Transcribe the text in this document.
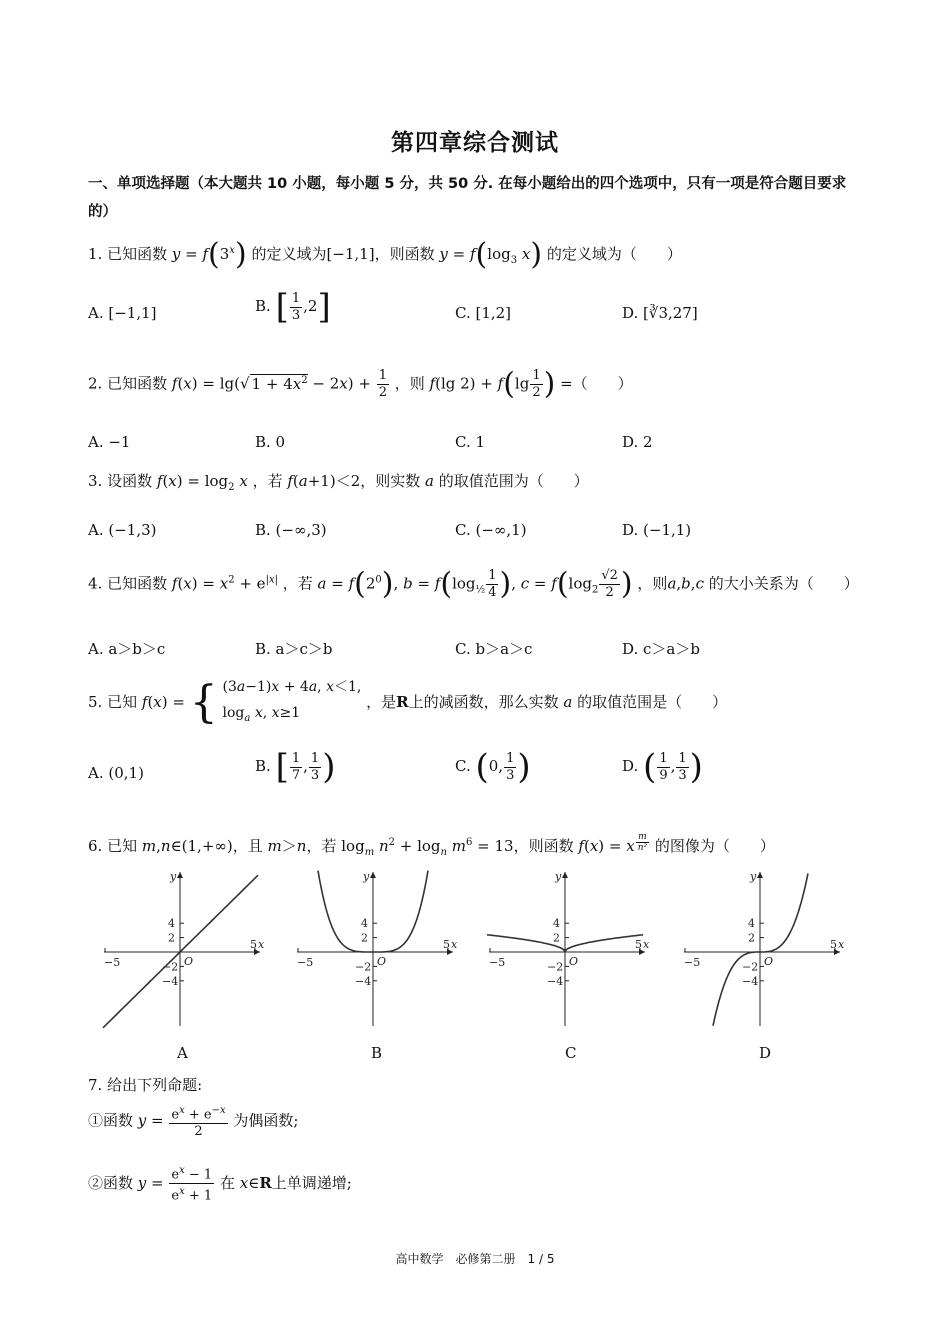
第四章综合测试
一、单项选择题（本大题共 10 小题，每小题 5 分，共 50 分. 在每小题给出的四个选项中，只有一项是符合题目要求的）
1. 已知函数 $y = f(3^x)$ 的定义域为[−1,1]，则函数 $y = f(\log_3$ x) 的定义域为（　　）
A. [−1,1]	B. [ $\frac{1}{3} ,2$]	C. [1,2]	D. [∛3,27]
2. 已知函数 f(x) = lg(√ $1 + 4x^2 - 2x) + \frac{1}{2}$ ，则 f(lg $2) + f(\lg \frac{1}{2}$ ) =（　　）
A. −1	B. 0	C. 1	D. 2
3. 设函数 $f(x) = \log_2 x$ ，若 f(a+1)＜2，则实数 a 的取值范围为（　　）
A. (−1,3)	B. (−∞,3)	C. (−∞,1)	D. (−1,1)
4. 已知函数 $f(x) = x^2 + e^{|x|}$ ，若 $a = f(2^0)$, $b = f(\log_{\frac{1}{2}} \frac{1}{4}$ ), $c = f(\log_2 \frac{√2}{2}$ ) ，则a,b,c 的大小关系为（　　）
A. a＞b＞c	B. a＞c＞b	C. b＞a＞c	D. c＞a＞b
5. 已知 f(x) = { (3a−1)x + 4a, x＜1,
$\log_a x$, x≥1 ，是R上的减函数，那么实数 a 的取值范围是（　　）
A. (0,1)	B. [ $\frac{1}{7}$ , $\frac{1}{3}$ )	C. (0, $\frac{1}{3}$ )	D. ( $\frac{1}{9}$ , $\frac{1}{3}$ )
6. 已知 m,n∈(1,+∞)，且 m＞n，若 $\log_m n^2 + \log_n m^6 = 13$，则函数 f(x) = x $^{\frac{m}{\text{n²}}}$ 的图像为（　　）
−5
5 x
y
O
4
2
−2
−4
−5
5 x
y
O
4
2
−2
−4
−5
5 x
y
O
4
2
−2
−4
−5
5 x
y
O
4
2
−2
−4
A	B	C	D
7. 给出下列命题:
①函数 $y = \frac{e^x + e^{-x}}{2}$ 为偶函数;
②函数 $y = \frac{e^x - 1}{e^x + 1}$ 在 x∈R上单调递增;
高中数学　必修第二册　1 / 5
